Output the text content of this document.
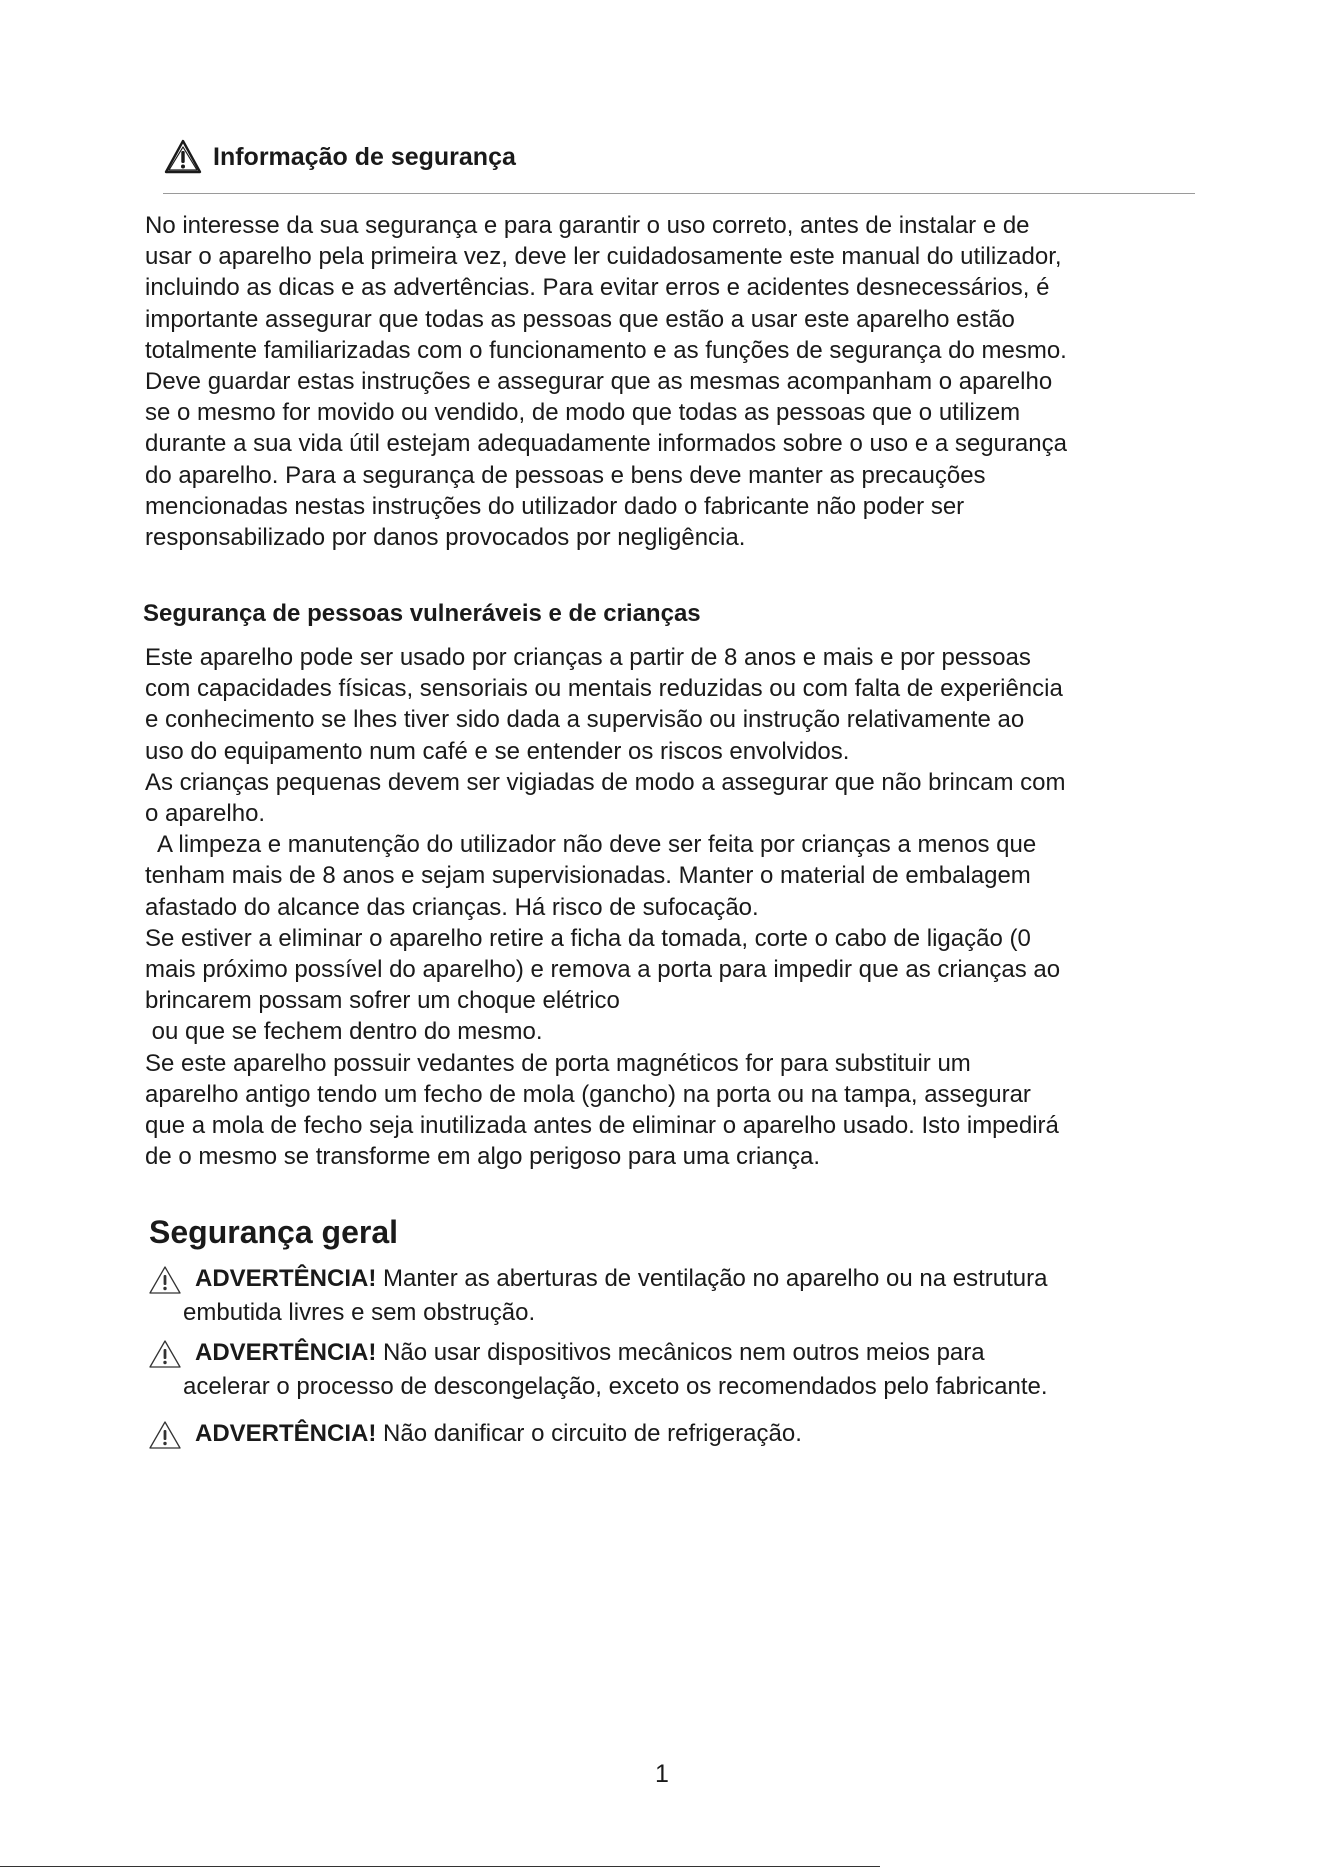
Informação de segurança

No interesse da sua segurança e para garantir o uso correto, antes de instalar e de
usar o aparelho pela primeira vez, deve ler cuidadosamente este manual do utilizador,
incluindo as dicas e as advertências. Para evitar erros e acidentes desnecessários, é
importante assegurar que todas as pessoas que estão a usar este aparelho estão
totalmente familiarizadas com o funcionamento e as funções de segurança do mesmo.
Deve guardar estas instruções e assegurar que as mesmas acompanham o aparelho
se o mesmo for movido ou vendido, de modo que todas as pessoas que o utilizem
durante a sua vida útil estejam adequadamente informados sobre o uso e a segurança
do aparelho. Para a segurança de pessoas e bens deve manter as precauções
mencionadas nestas instruções do utilizador dado o fabricante não poder ser
responsabilizado por danos provocados por negligência.

Segurança de pessoas vulneráveis e de crianças

Este aparelho pode ser usado por crianças a partir de 8 anos e mais e por pessoas
com capacidades físicas, sensoriais ou mentais reduzidas ou com falta de experiência
e conhecimento se lhes tiver sido dada a supervisão ou instrução relativamente ao
uso do equipamento num café e se entender os riscos envolvidos.
As crianças pequenas devem ser vigiadas de modo a assegurar que não brincam com
o aparelho.
A limpeza e manutenção do utilizador não deve ser feita por crianças a menos que
tenham mais de 8 anos e sejam supervisionadas. Manter o material de embalagem
afastado do alcance das crianças. Há risco de sufocação.
Se estiver a eliminar o aparelho retire a ficha da tomada, corte o cabo de ligação (0
mais próximo possível do aparelho) e remova a porta para impedir que as crianças ao
brincarem possam sofrer um choque elétrico
ou que se fechem dentro do mesmo.
Se este aparelho possuir vedantes de porta magnéticos for para substituir um
aparelho antigo tendo um fecho de mola (gancho) na porta ou na tampa, assegurar
que a mola de fecho seja inutilizada antes de eliminar o aparelho usado. Isto impedirá
de o mesmo se transforme em algo perigoso para uma criança.

Segurança geral
ADVERTÊNCIA! Manter as aberturas de ventilação no aparelho ou na estrutura
embutida livres e sem obstrução.
ADVERTÊNCIA! Não usar dispositivos mecânicos nem outros meios para
acelerar o processo de descongelação, exceto os recomendados pelo fabricante.
ADVERTÊNCIA! Não danificar o circuito de refrigeração.
1
